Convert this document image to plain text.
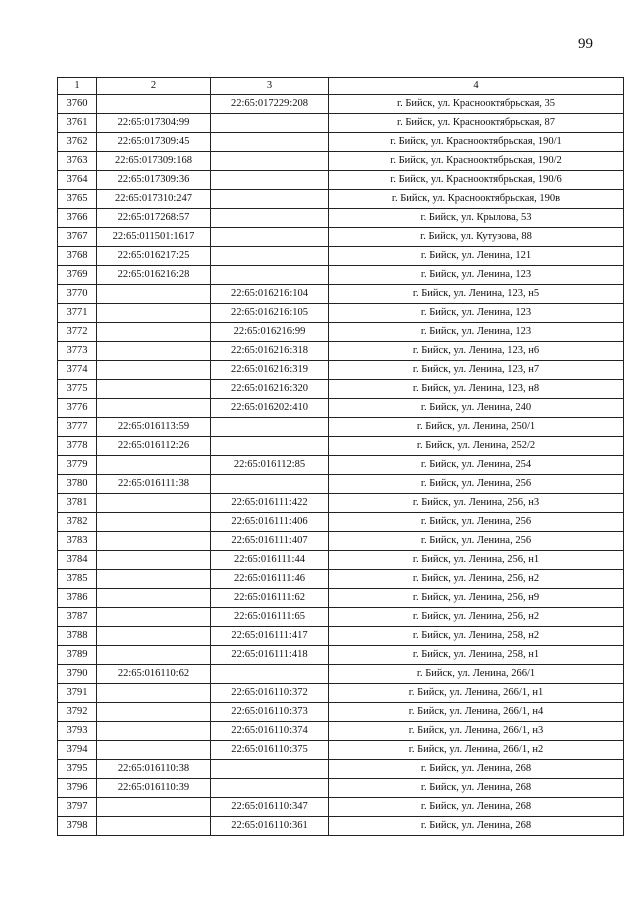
99
1	2	3	4
3760		22:65:017229:208	г. Бийск, ул. Краснооктябрьская, 35
3761	22:65:017304:99		г. Бийск, ул. Краснооктябрьская, 87
3762	22:65:017309:45		г. Бийск, ул. Краснооктябрьская, 190/1
3763	22:65:017309:168		г. Бийск, ул. Краснооктябрьская, 190/2
3764	22:65:017309:36		г. Бийск, ул. Краснооктябрьская, 190/6
3765	22:65:017310:247		г. Бийск, ул. Краснооктябрьская, 190в
3766	22:65:017268:57		г. Бийск, ул. Крылова, 53
3767	22:65:011501:1617		г. Бийск, ул. Кутузова, 88
3768	22:65:016217:25		г. Бийск, ул. Ленина, 121
3769	22:65:016216:28		г. Бийск, ул. Ленина, 123
3770		22:65:016216:104	г. Бийск, ул. Ленина, 123, н5
3771		22:65:016216:105	г. Бийск, ул. Ленина, 123
3772		22:65:016216:99	г. Бийск, ул. Ленина, 123
3773		22:65:016216:318	г. Бийск, ул. Ленина, 123, н6
3774		22:65:016216:319	г. Бийск, ул. Ленина, 123, н7
3775		22:65:016216:320	г. Бийск, ул. Ленина, 123, н8
3776		22:65:016202:410	г. Бийск, ул. Ленина, 240
3777	22:65:016113:59		г. Бийск, ул. Ленина, 250/1
3778	22:65:016112:26		г. Бийск, ул. Ленина, 252/2
3779		22:65:016112:85	г. Бийск, ул. Ленина, 254
3780	22:65:016111:38		г. Бийск, ул. Ленина, 256
3781		22:65:016111:422	г. Бийск, ул. Ленина, 256, н3
3782		22:65:016111:406	г. Бийск, ул. Ленина, 256
3783		22:65:016111:407	г. Бийск, ул. Ленина, 256
3784		22:65:016111:44	г. Бийск, ул. Ленина, 256, н1
3785		22:65:016111:46	г. Бийск, ул. Ленина, 256, н2
3786		22:65:016111:62	г. Бийск, ул. Ленина, 256, н9
3787		22:65:016111:65	г. Бийск, ул. Ленина, 256, н2
3788		22:65:016111:417	г. Бийск, ул. Ленина, 258, н2
3789		22:65:016111:418	г. Бийск, ул. Ленина, 258, н1
3790	22:65:016110:62		г. Бийск, ул. Ленина, 266/1
3791		22:65:016110:372	г. Бийск, ул. Ленина, 266/1, н1
3792		22:65:016110:373	г. Бийск, ул. Ленина, 266/1, н4
3793		22:65:016110:374	г. Бийск, ул. Ленина, 266/1, н3
3794		22:65:016110:375	г. Бийск, ул. Ленина, 266/1, н2
3795	22:65:016110:38		г. Бийск, ул. Ленина, 268
3796	22:65:016110:39		г. Бийск, ул. Ленина, 268
3797		22:65:016110:347	г. Бийск, ул. Ленина, 268
3798		22:65:016110:361	г. Бийск, ул. Ленина, 268
